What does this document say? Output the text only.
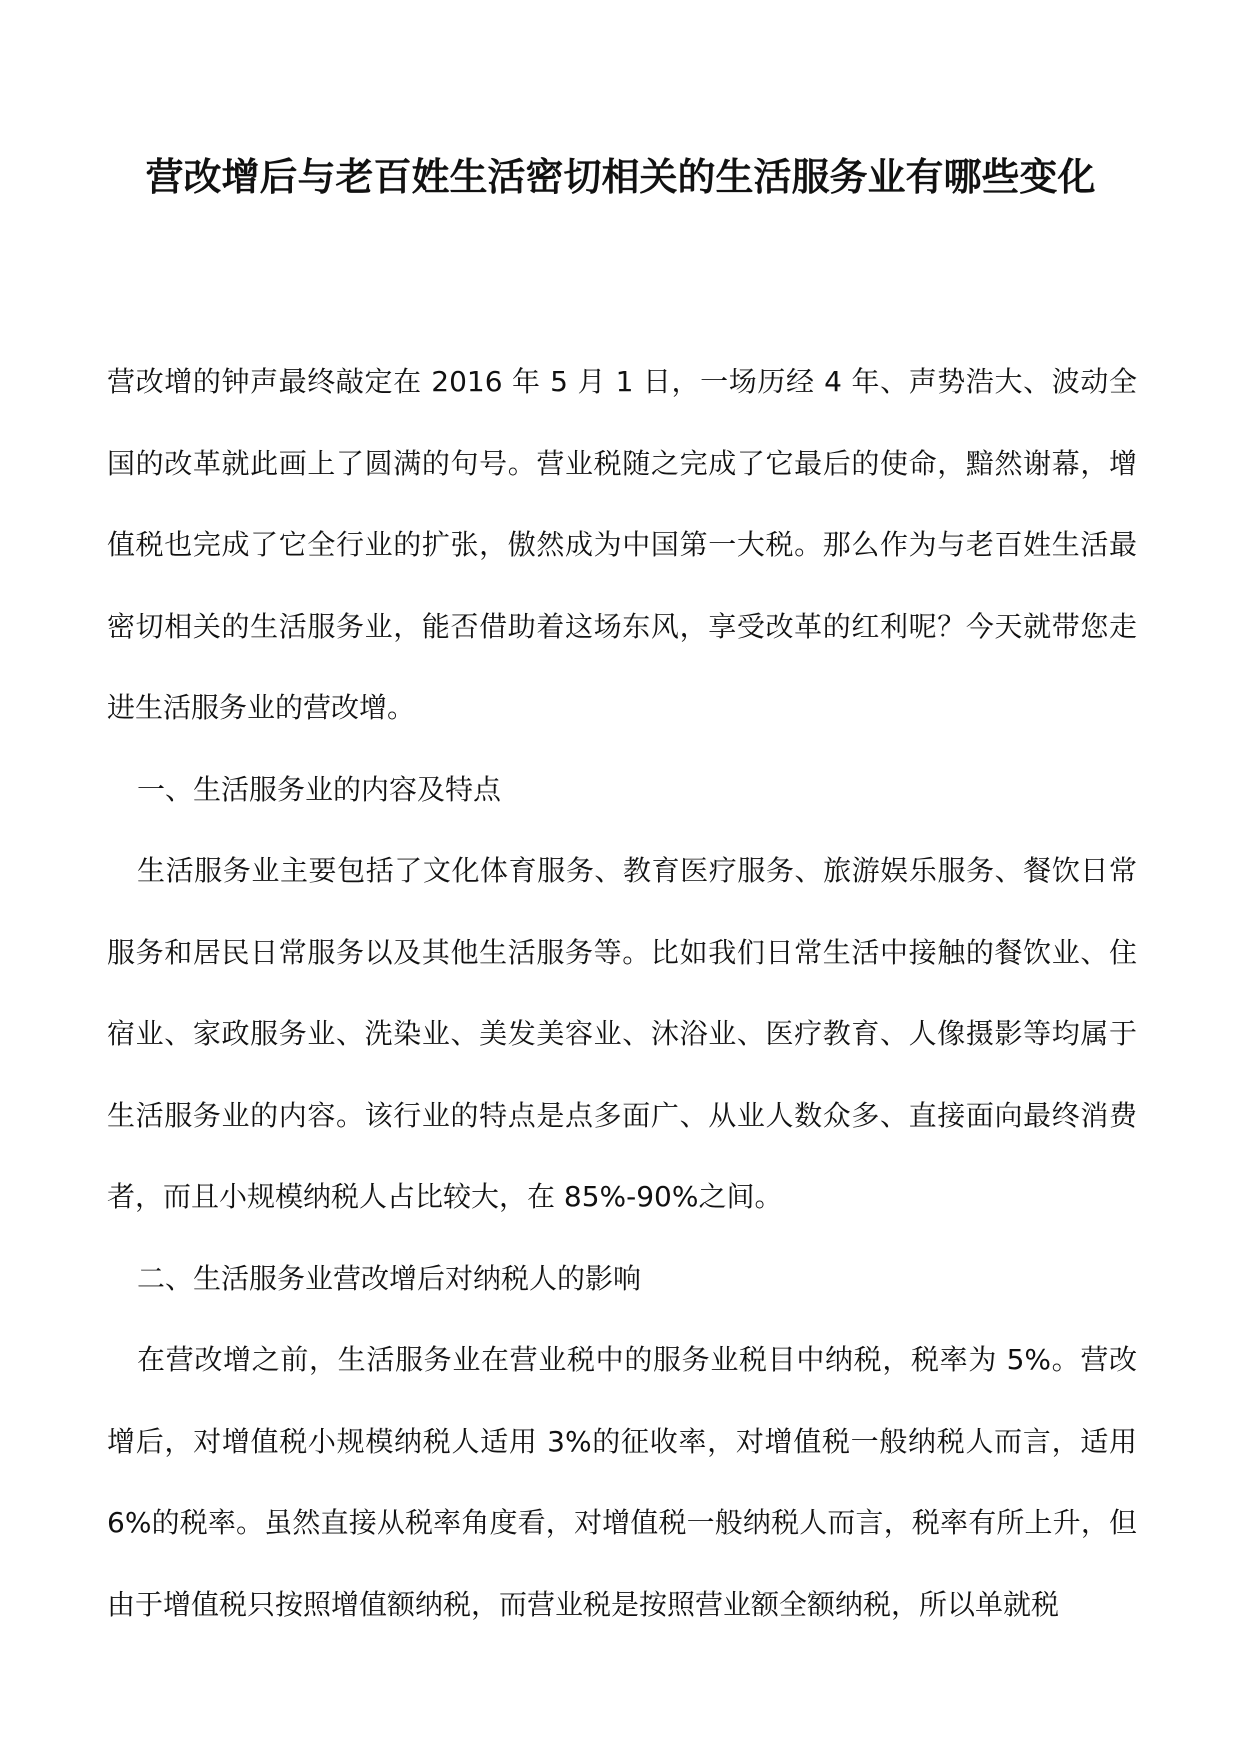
营改增后与老百姓生活密切相关的生活服务业有哪些变化

营改增的钟声最终敲定在 2016 年 5 月 1 日，一场历经 4 年、声势浩大、波动全国的改革就此画上了圆满的句号。营业税随之完成了它最后的使命，黯然谢幕，增值税也完成了它全行业的扩张，傲然成为中国第一大税。那么作为与老百姓生活最密切相关的生活服务业，能否借助着这场东风，享受改革的红利呢？今天就带您走进生活服务业的营改增。

一、生活服务业的内容及特点

生活服务业主要包括了文化体育服务、教育医疗服务、旅游娱乐服务、餐饮日常服务和居民日常服务以及其他生活服务等。比如我们日常生活中接触的餐饮业、住宿业、家政服务业、洗染业、美发美容业、沐浴业、医疗教育、人像摄影等均属于生活服务业的内容。该行业的特点是点多面广、从业人数众多、直接面向最终消费者，而且小规模纳税人占比较大，在 85%-90%之间。

二、生活服务业营改增后对纳税人的影响

在营改增之前，生活服务业在营业税中的服务业税目中纳税，税率为 5%。营改增后，对增值税小规模纳税人适用 3%的征收率，对增值税一般纳税人而言，适用 6%的税率。虽然直接从税率角度看，对增值税一般纳税人而言，税率有所上升，但由于增值税只按照增值额纳税，而营业税是按照营业额全额纳税，所以单就税
